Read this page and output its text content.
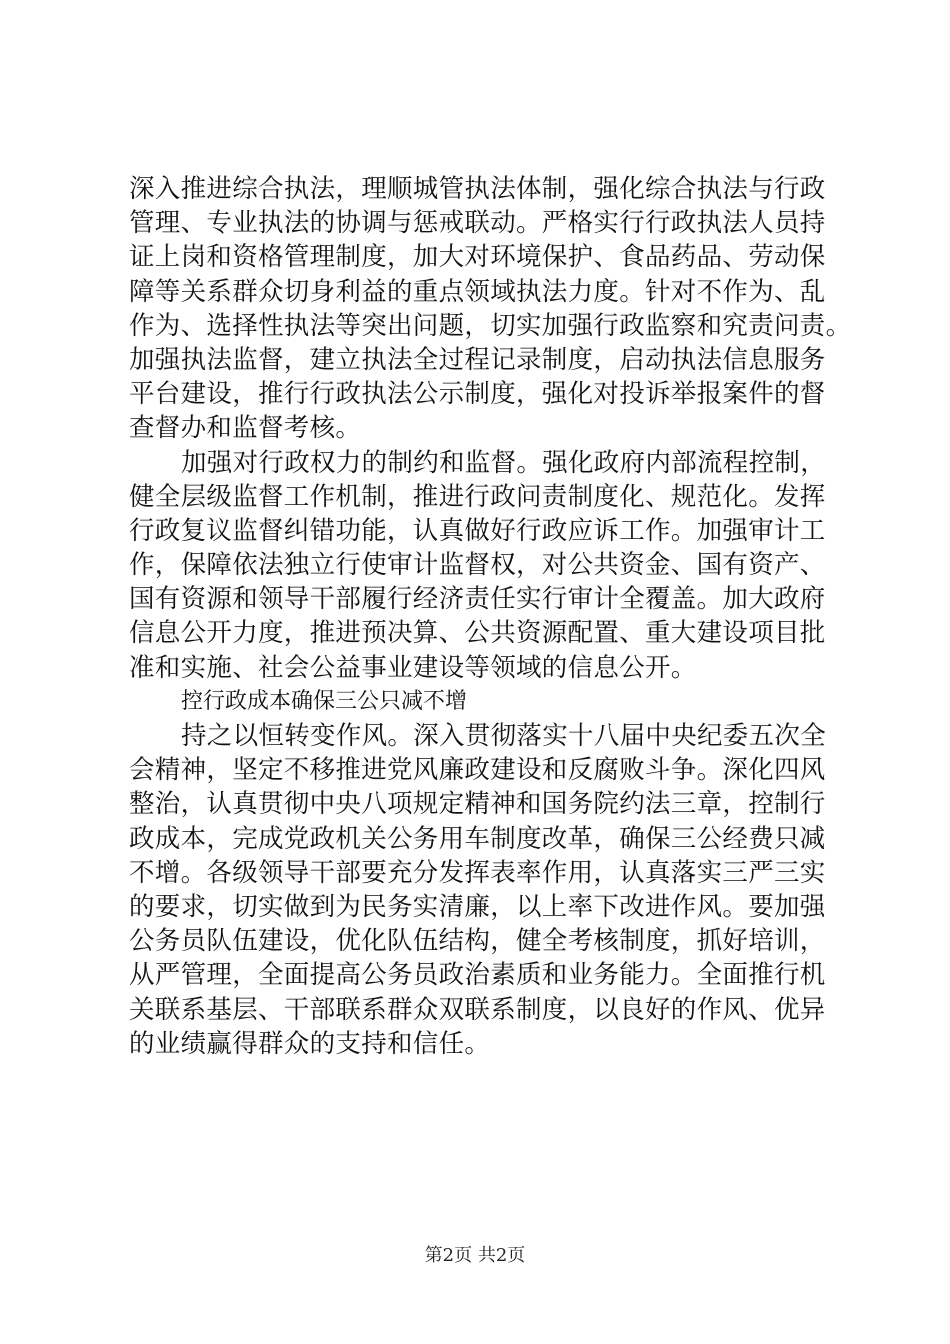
深入推进综合执法，理顺城管执法体制，强化综合执法与行政
管理、专业执法的协调与惩戒联动。严格实行行政执法人员持
证上岗和资格管理制度，加大对环境保护、食品药品、劳动保
障等关系群众切身利益的重点领域执法力度。针对不作为、乱
作为、选择性执法等突出问题，切实加强行政监察和究责问责。
加强执法监督，建立执法全过程记录制度，启动执法信息服务
平台建设，推行行政执法公示制度，强化对投诉举报案件的督
查督办和监督考核。
加强对行政权力的制约和监督。强化政府内部流程控制，
健全层级监督工作机制，推进行政问责制度化、规范化。发挥
行政复议监督纠错功能，认真做好行政应诉工作。加强审计工
作，保障依法独立行使审计监督权，对公共资金、国有资产、
国有资源和领导干部履行经济责任实行审计全覆盖。加大政府
信息公开力度，推进预决算、公共资源配置、重大建设项目批
准和实施、社会公益事业建设等领域的信息公开。
控行政成本确保三公只减不增
持之以恒转变作风。深入贯彻落实十八届中央纪委五次全
会精神，坚定不移推进党风廉政建设和反腐败斗争。深化四风
整治，认真贯彻中央八项规定精神和国务院约法三章，控制行
政成本，完成党政机关公务用车制度改革，确保三公经费只减
不增。各级领导干部要充分发挥表率作用，认真落实三严三实
的要求，切实做到为民务实清廉，以上率下改进作风。要加强
公务员队伍建设，优化队伍结构，健全考核制度，抓好培训，
从严管理，全面提高公务员政治素质和业务能力。全面推行机
关联系基层、干部联系群众双联系制度，以良好的作风、优异
的业绩赢得群众的支持和信任。
第2页 共2页
